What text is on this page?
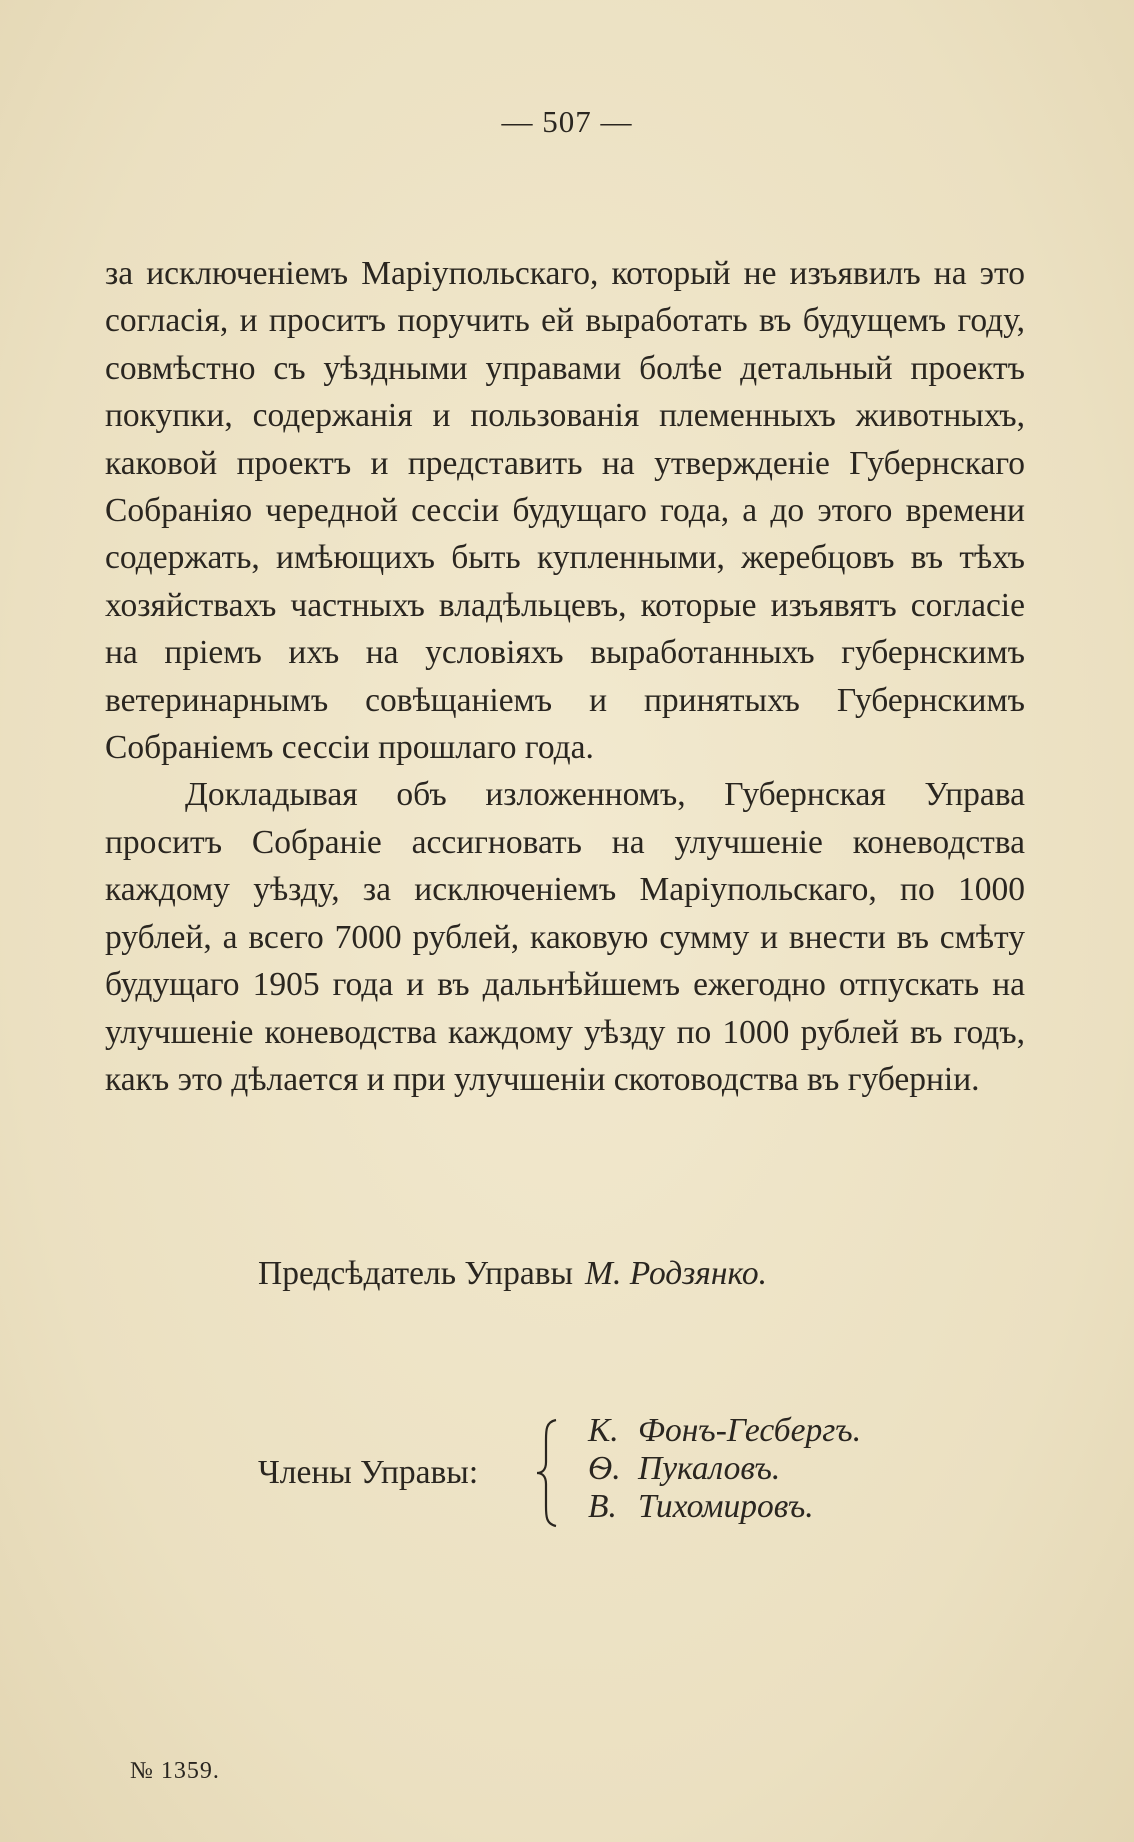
— 507 —

за исключеніемъ Маріупольскаго, который не изъявилъ на это согласія, и проситъ поручить ей выработать въ будущемъ году, совмѣстно съ уѣздными управами болѣе детальный проектъ покупки, содержанія и пользованія племенныхъ животныхъ, каковой проектъ и представить на утвержденіе Губернскаго Собраніяо чередной сессіи будущаго года, а до этого времени содержать, имѣющихъ быть купленными, жеребцовъ въ тѣхъ хозяйствахъ частныхъ владѣльцевъ, которые изъявятъ согласіе на пріемъ ихъ на условіяхъ выработанныхъ губернскимъ ветеринарнымъ совѣщаніемъ и принятыхъ Губернскимъ Собраніемъ сессіи прошлаго года.

Докладывая объ изложенномъ, Губернская Управа проситъ Собраніе ассигновать на улучшеніе коневодства каждому уѣзду, за исключеніемъ Маріупольскаго, по 1000 рублей, а всего 7000 рублей, каковую сумму и внести въ смѣту будущаго 1905 года и въ дальнѣйшемъ ежегодно отпускать на улучшеніе коневодства каждому уѣзду по 1000 рублей въ годъ, какъ это дѣлается и при улучшеніи скотоводства въ губерніи.

Предсѣдатель Управы М. Родзянко.
Члены Управы:
К. Фонъ-Гесбергъ.
Ѳ. Пукаловъ.
В. Тихомировъ.
№ 1359.
